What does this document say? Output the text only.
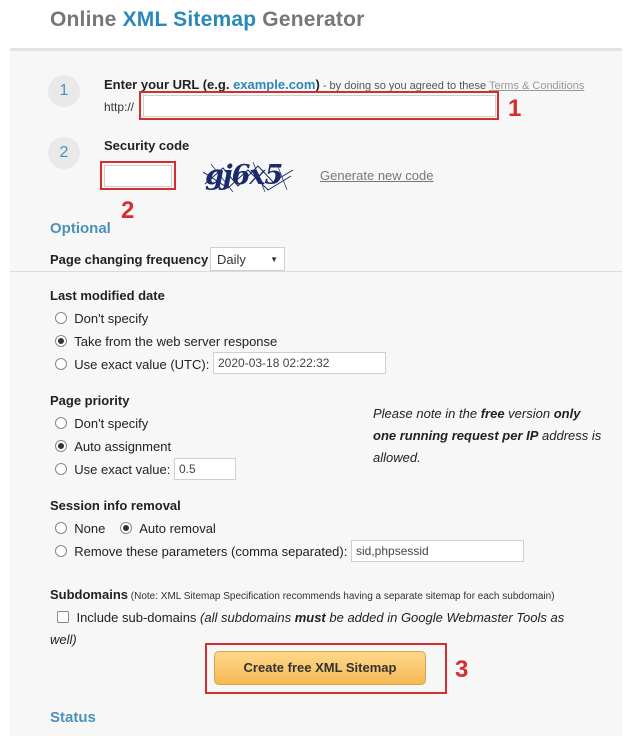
Online XML Sitemap Generator
1	Enter your URL (e.g. example.com) - by doing so you agreed to these Terms & Conditions
http://	1
2	Security code
2
gj6x5	Generate new code
Optional
Page changing frequency Daily	▼
Last modified date
Don't specify
Take from the web server response
Use exact value (UTC):
2020-03-18 02:22:32
Page priority
Don't specify
Auto assignment
Use exact value:
0.5
Please note in the free version only one running request per IP address is allowed.
Session info removal
None	Auto removal
Remove these parameters (comma separated):
sid,phpsessid
Subdomains (Note: XML Sitemap Specification recommends having a separate sitemap for each subdomain)
Include sub-domains (all subdomains must be added in Google Webmaster Tools as well)
Create free XML Sitemap	3
Status
